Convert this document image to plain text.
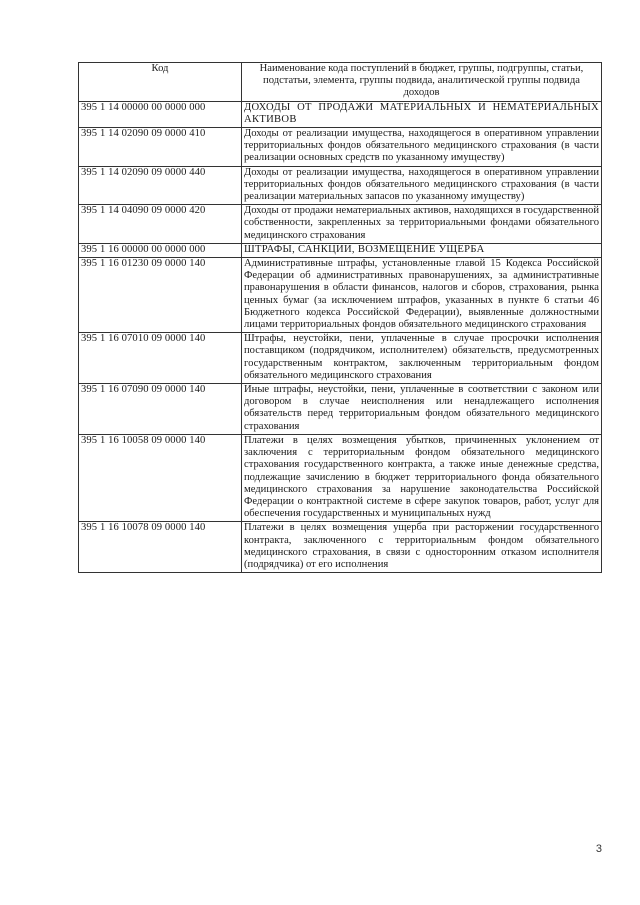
Код	Наименование кода поступлений в бюджет, группы, подгруппы, статьи, подстатьи, элемента, группы подвида, аналитической группы подвида доходов
395 1 14 00000 00 0000 000	ДОХОДЫ ОТ ПРОДАЖИ МАТЕРИАЛЬНЫХ И НЕМАТЕРИАЛЬНЫХ АКТИВОВ
395 1 14 02090 09 0000 410	Доходы от реализации имущества, находящегося в оперативном управлении территориальных фондов обязательного медицинского страхования (в части реализации основных средств по указанному имуществу)
395 1 14 02090 09 0000 440	Доходы от реализации имущества, находящегося в оперативном управлении территориальных фондов обязательного медицинского страхования (в части реализации материальных запасов по указанному имуществу)
395 1 14 04090 09 0000 420	Доходы от продажи нематериальных активов, находящихся в государственной собственности, закрепленных за территориальными фондами обязательного медицинского страхования
395 1 16 00000 00 0000 000	ШТРАФЫ, САНКЦИИ, ВОЗМЕЩЕНИЕ УЩЕРБА
395 1 16 01230 09 0000 140	Административные штрафы, установленные главой 15 Кодекса Российской Федерации об административных правонарушениях, за административные правонарушения в области финансов, налогов и сборов, страхования, рынка ценных бумаг (за исключением штрафов, указанных в пункте 6 статьи 46 Бюджетного кодекса Российской Федерации), выявленные должностными лицами территориальных фондов обязательного медицинского страхования
395 1 16 07010 09 0000 140	Штрафы, неустойки, пени, уплаченные в случае просрочки исполнения поставщиком (подрядчиком, исполнителем) обязательств, предусмотренных государственным контрактом, заключенным территориальным фондом обязательного медицинского страхования
395 1 16 07090 09 0000 140	Иные штрафы, неустойки, пени, уплаченные в соответствии с законом или договором в случае неисполнения или ненадлежащего исполнения обязательств перед территориальным фондом обязательного медицинского страхования
395 1 16 10058 09 0000 140	Платежи в целях возмещения убытков, причиненных уклонением от заключения с территориальным фондом обязательного медицинского страхования государственного контракта, а также иные денежные средства, подлежащие зачислению в бюджет территориального фонда обязательного медицинского страхования за нарушение законодательства Российской Федерации о контрактной системе в сфере закупок товаров, работ, услуг для обеспечения государственных и муниципальных нужд
395 1 16 10078 09 0000 140	Платежи в целях возмещения ущерба при расторжении государственного контракта, заключенного с территориальным фондом обязательного медицинского страхования, в связи с односторонним отказом исполнителя (подрядчика) от его исполнения
3
